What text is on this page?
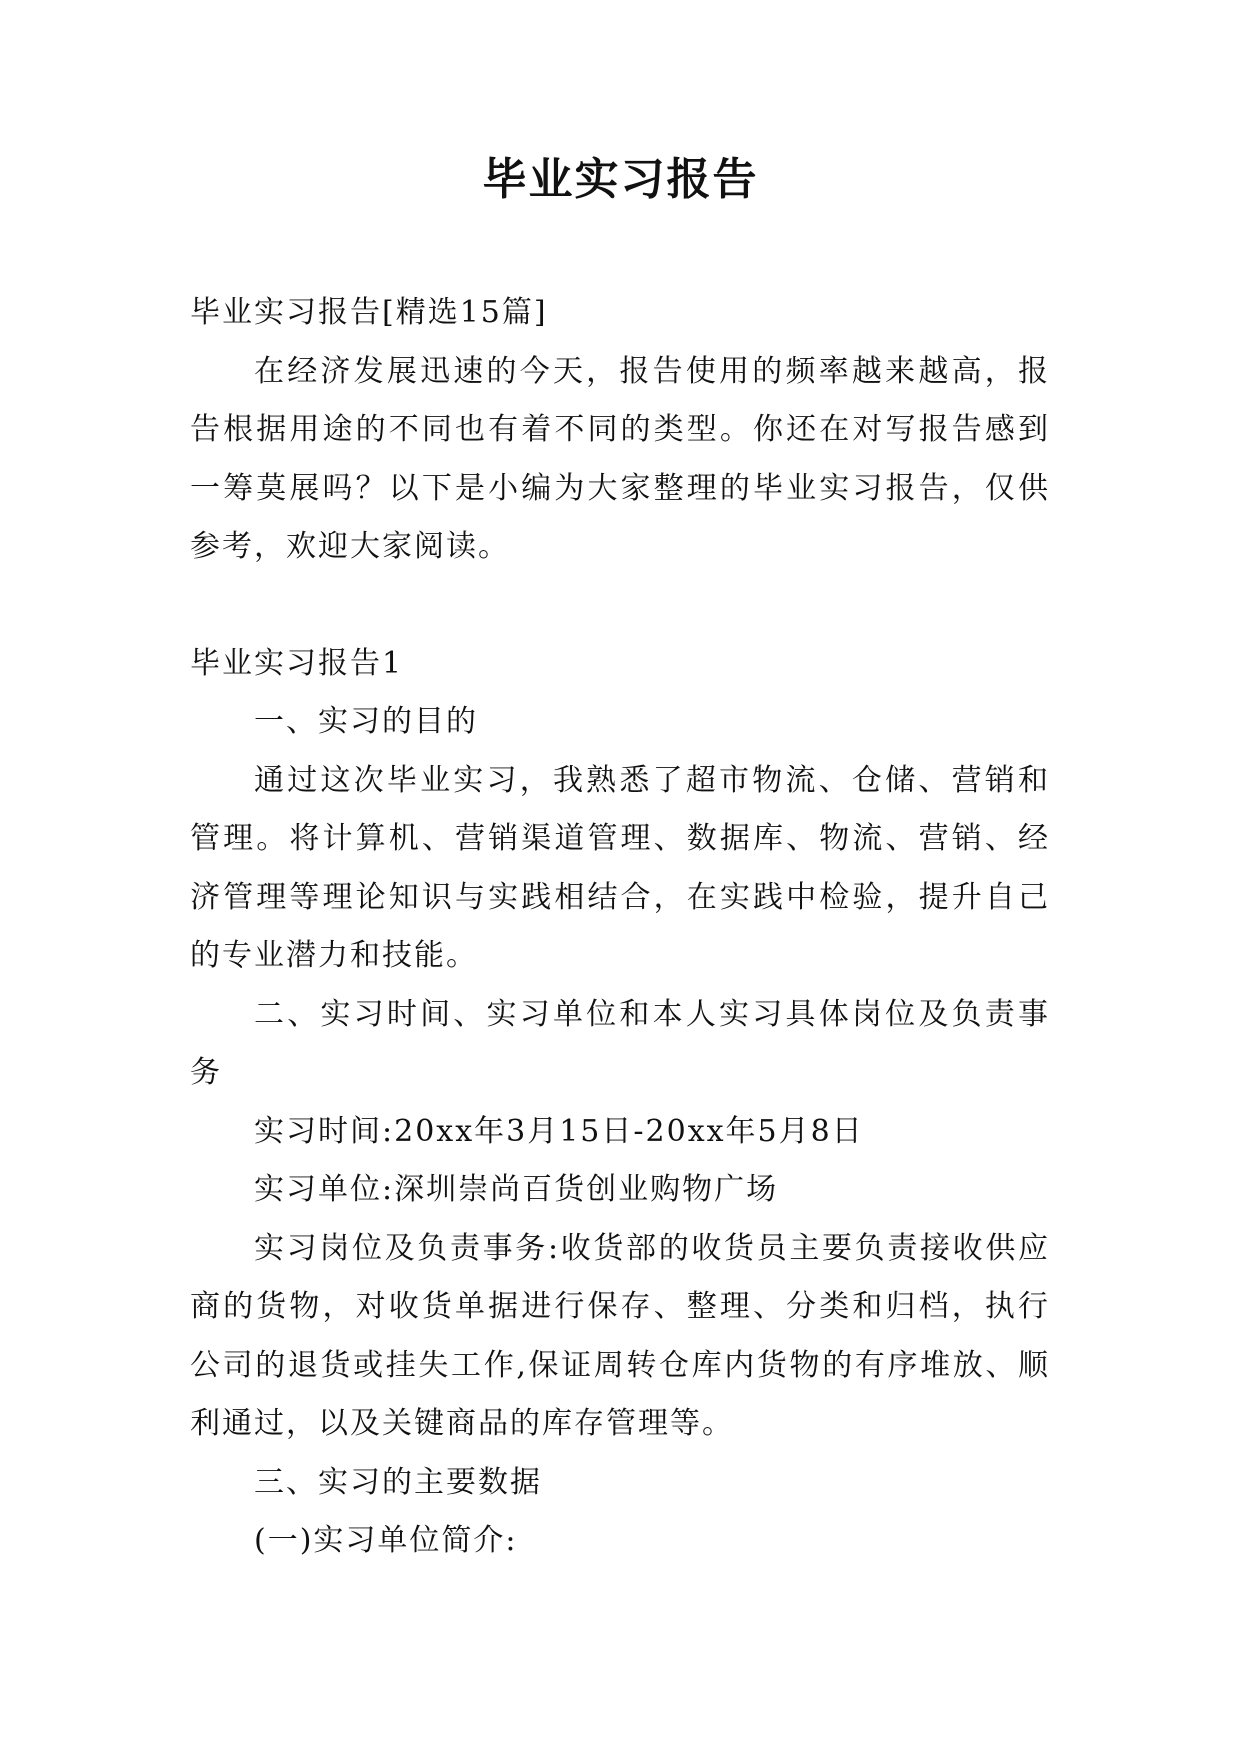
毕业实习报告

毕业实习报告[精选15篇]

在经济发展迅速的今天，报告使用的频率越来越高，报告根据用途的不同也有着不同的类型。你还在对写报告感到一筹莫展吗？以下是小编为大家整理的毕业实习报告，仅供参考，欢迎大家阅读。

毕业实习报告1

一、实习的目的

通过这次毕业实习，我熟悉了超市物流、仓储、营销和管理。将计算机、营销渠道管理、数据库、物流、营销、经济管理等理论知识与实践相结合，在实践中检验，提升自己的专业潜力和技能。

二、实习时间、实习单位和本人实习具体岗位及负责事务

实习时间:20xx年3月15日-20xx年5月8日

实习单位:深圳崇尚百货创业购物广场

实习岗位及负责事务:收货部的收货员主要负责接收供应商的货物，对收货单据进行保存、整理、分类和归档，执行公司的退货或挂失工作,保证周转仓库内货物的有序堆放、顺利通过，以及关键商品的库存管理等。

三、实习的主要数据

(一)实习单位简介:
